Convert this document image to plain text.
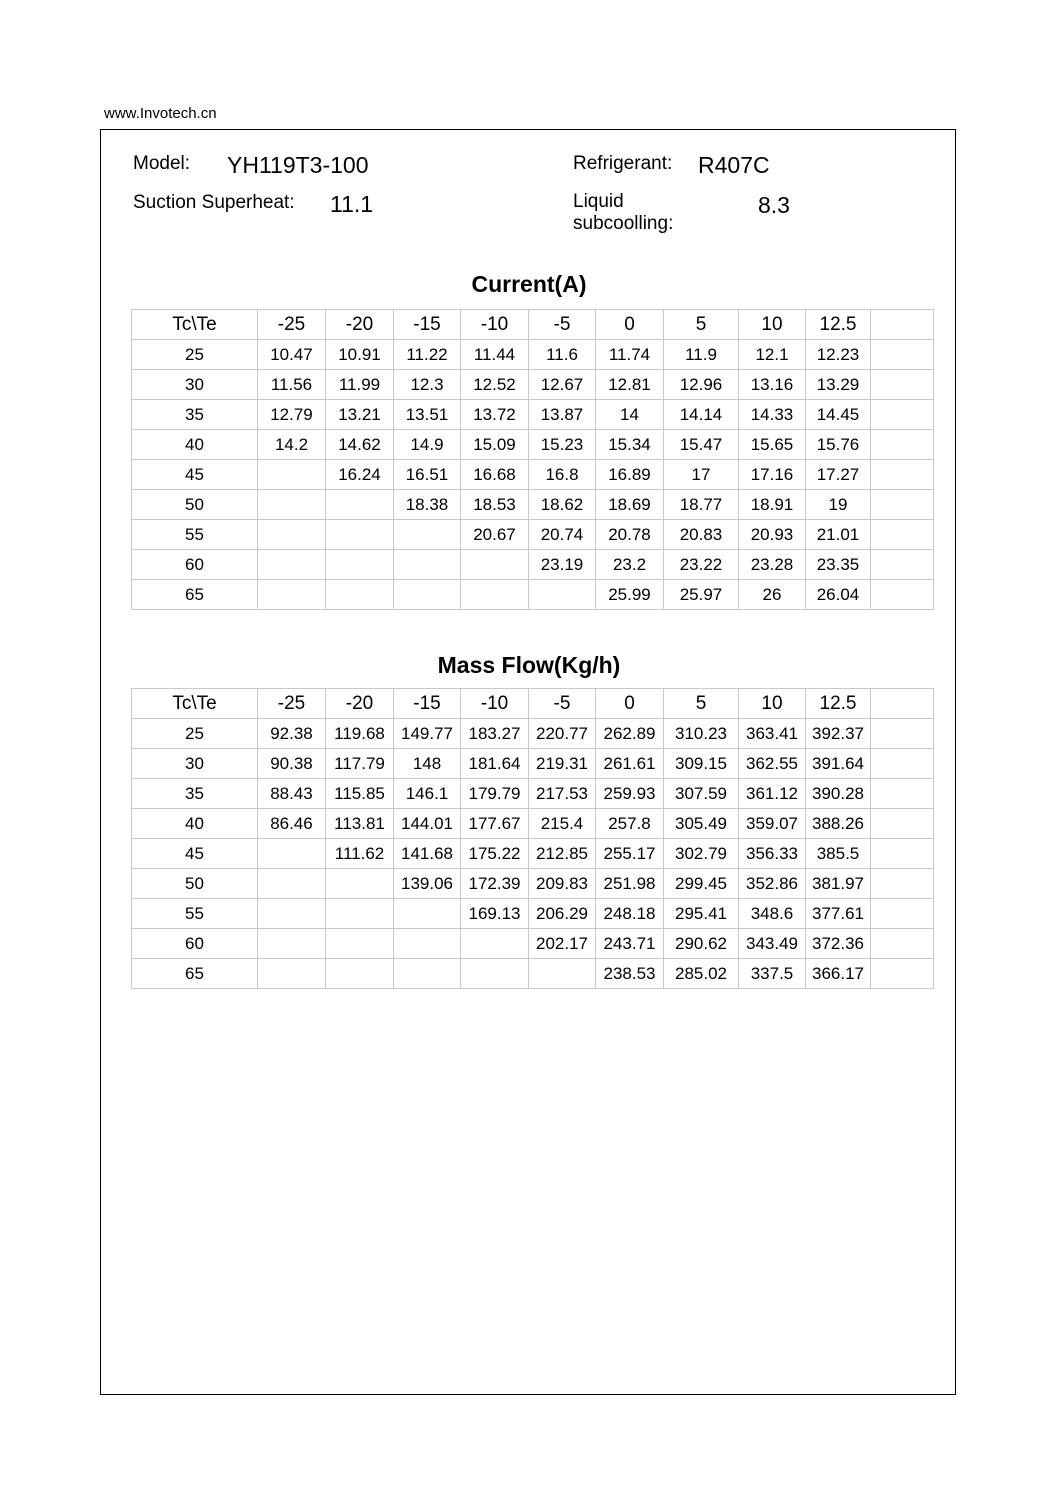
www.Invotech.cn
Model: YH119T3-100	Refrigerant: R407C
Suction Superheat: 11.1	Liquid subcoolling:
8.3
Current(A)
Tc\Te	-25	-20	-15	-10	-5	0	5	10	12.5	
25	10.47	10.91	11.22	11.44	11.6	11.74	11.9	12.1	12.23	
30	11.56	11.99	12.3	12.52	12.67	12.81	12.96	13.16	13.29	
35	12.79	13.21	13.51	13.72	13.87	14	14.14	14.33	14.45	
40	14.2	14.62	14.9	15.09	15.23	15.34	15.47	15.65	15.76	
45		16.24	16.51	16.68	16.8	16.89	17	17.16	17.27	
50			18.38	18.53	18.62	18.69	18.77	18.91	19	
55				20.67	20.74	20.78	20.83	20.93	21.01	
60					23.19	23.2	23.22	23.28	23.35	
65						25.99	25.97	26	26.04	
Mass Flow(Kg/h)
Tc\Te	-25	-20	-15	-10	-5	0	5	10	12.5	
25	92.38	119.68	149.77	183.27	220.77	262.89	310.23	363.41	392.37	
30	90.38	117.79	148	181.64	219.31	261.61	309.15	362.55	391.64	
35	88.43	115.85	146.1	179.79	217.53	259.93	307.59	361.12	390.28	
40	86.46	113.81	144.01	177.67	215.4	257.8	305.49	359.07	388.26	
45		111.62	141.68	175.22	212.85	255.17	302.79	356.33	385.5	
50			139.06	172.39	209.83	251.98	299.45	352.86	381.97	
55				169.13	206.29	248.18	295.41	348.6	377.61	
60					202.17	243.71	290.62	343.49	372.36	
65						238.53	285.02	337.5	366.17	
